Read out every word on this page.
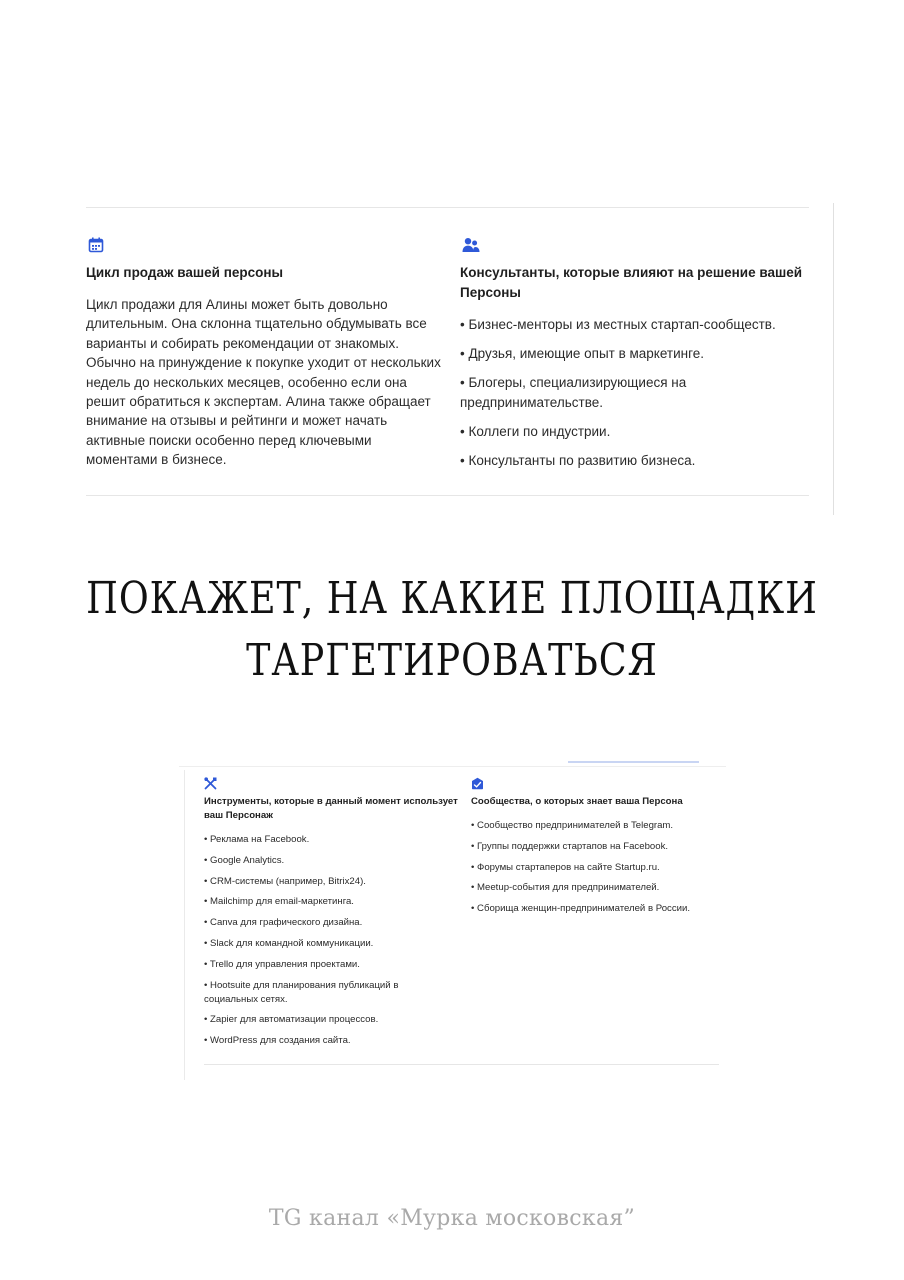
Цикл продаж вашей персоны

Цикл продажи для Алины может быть довольно длительным. Она склонна тщательно обдумывать все варианты и собирать рекомендации от знакомых. Обычно на принуждение к покупке уходит от нескольких недель до нескольких месяцев, особенно если она решит обратиться к экспертам. Алина также обращает внимание на отзывы и рейтинги и может начать активные поиски особенно перед ключевыми моментами в бизнесе.

Консультанты, которые влияют на решение вашей Персоны
• Бизнес-менторы из местных стартап-сообществ.
• Друзья, имеющие опыт в маркетинге.
• Блогеры, специализирующиеся на предпринимательстве.
• Коллеги по индустрии.
• Консультанты по развитию бизнеса.
ПОКАЖЕТ, НА КАКИЕ ПЛОЩАДКИ
ТАРГЕТИРОВАТЬСЯ
Инструменты, которые в данный момент использует ваш Персонаж
• Реклама на Facebook.
• Google Analytics.
• CRM-системы (например, Bitrix24).
• Mailchimp для email-маркетинга.
• Canva для графического дизайна.
• Slack для командной коммуникации.
• Trello для управления проектами.
• Hootsuite для планирования публикаций в социальных сетях.
• Zapier для автоматизации процессов.
• WordPress для создания сайта.
Сообщества, о которых знает ваша Персона
• Сообщество предпринимателей в Telegram.
• Группы поддержки стартапов на Facebook.
• Форумы стартаперов на сайте Startup.ru.
• Meetup-события для предпринимателей.
• Сборища женщин-предпринимателей в России.
TG канал «Мурка московская”
